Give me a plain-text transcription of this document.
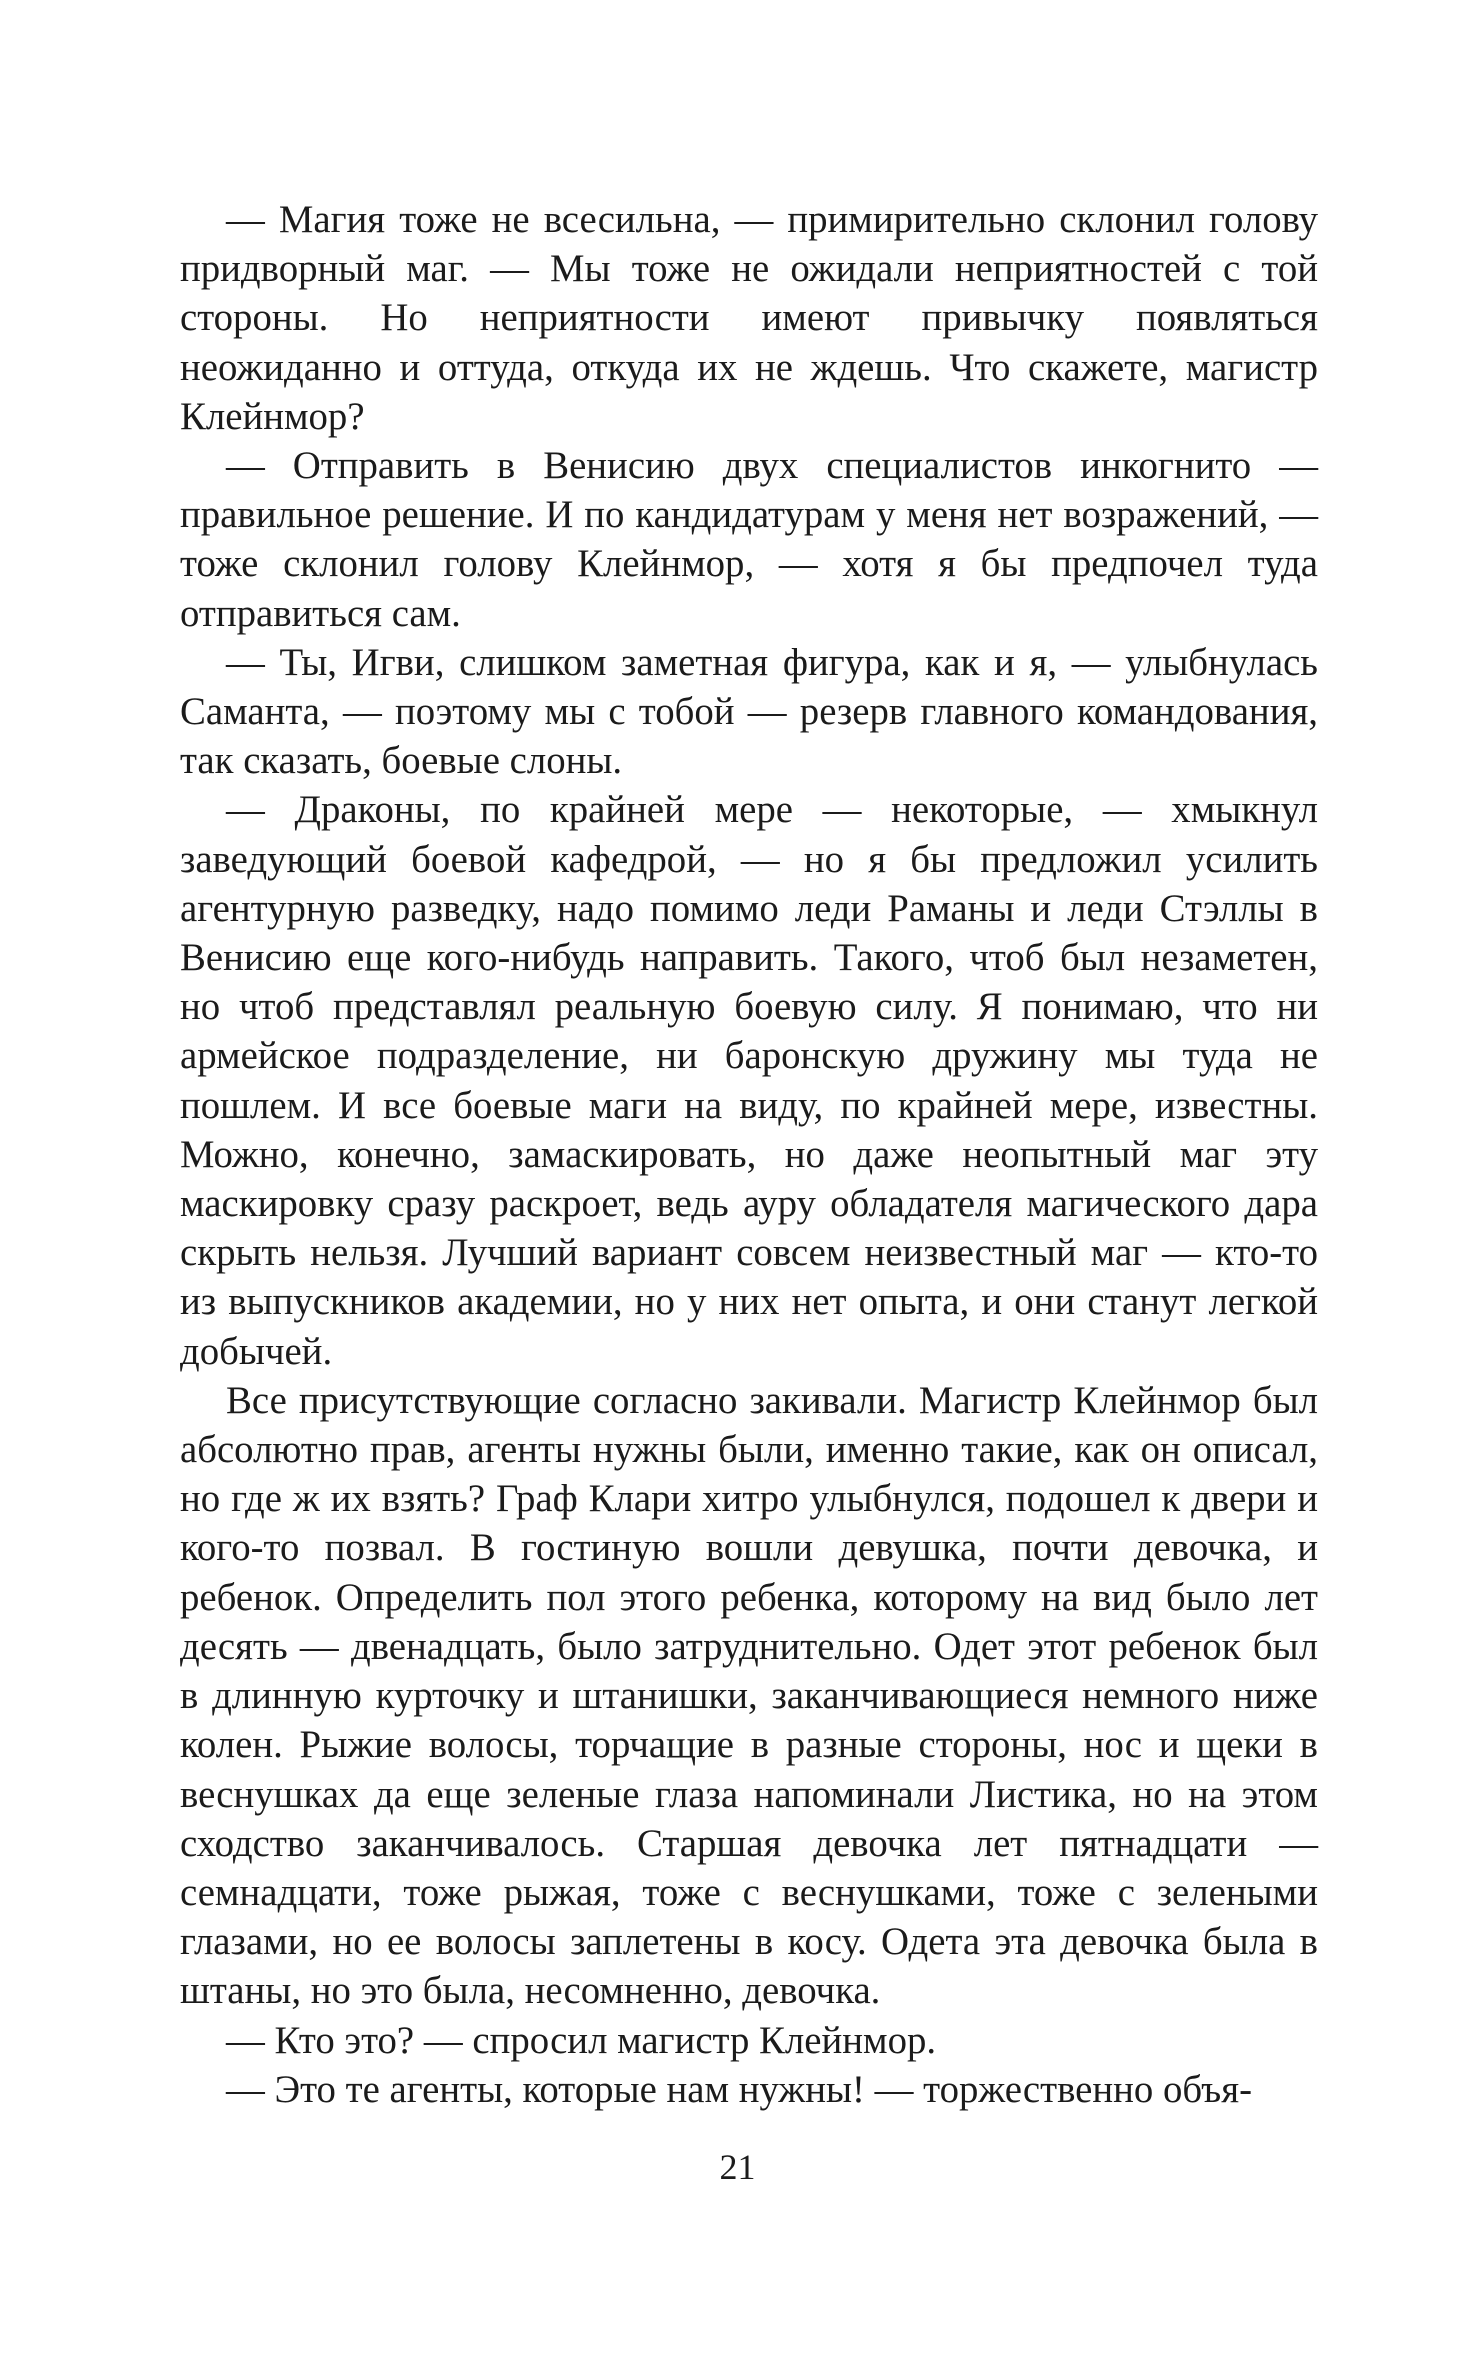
— Магия тоже не всесильна, — примирительно склонил голову придворный маг. — Мы тоже не ожидали неприятностей с той стороны. Но неприятности имеют привычку появляться неожиданно и оттуда, откуда их не ждешь. Что скажете, магистр Клейнмор?

— Отправить в Венисию двух специалистов инкогнито — правильное решение. И по кандидатурам у меня нет возражений, — тоже склонил голову Клейнмор, — хотя я бы предпочел туда отправиться сам.

— Ты, Игви, слишком заметная фигура, как и я, — улыбнулась Саманта, — поэтому мы с тобой — резерв главного командования, так сказать, боевые слоны.

— Драконы, по крайней мере — некоторые, — хмыкнул заведующий боевой кафедрой, — но я бы предложил усилить агентурную разведку, надо помимо леди Раманы и леди Стэллы в Венисию еще кого-нибудь направить. Такого, чтоб был незаметен, но чтоб представлял реальную боевую силу. Я понимаю, что ни армейское подразделение, ни баронскую дружину мы туда не пошлем. И все боевые маги на виду, по крайней мере, известны. Можно, конечно, замаскировать, но даже неопытный маг эту маскировку сразу раскроет, ведь ауру обладателя магического дара скрыть нельзя. Лучший вариант совсем неизвестный маг — кто-то из выпускников академии, но у них нет опыта, и они станут легкой добычей.

Все присутствующие согласно закивали. Магистр Клейнмор был абсолютно прав, агенты нужны были, именно такие, как он описал, но где ж их взять? Граф Клари хитро улыбнулся, подошел к двери и кого-то позвал. В гостиную вошли девушка, почти девочка, и ребенок. Определить пол этого ребенка, которому на вид было лет десять — двенадцать, было затруднительно. Одет этот ребенок был в длинную курточку и штанишки, заканчивающиеся немного ниже колен. Рыжие волосы, торчащие в разные стороны, нос и щеки в веснушках да еще зеленые глаза напоминали Листика, но на этом сходство заканчивалось. Старшая девочка лет пятнадцати — семнадцати, тоже рыжая, тоже с веснушками, тоже с зелеными глазами, но ее волосы заплетены в косу. Одета эта девочка была в штаны, но это была, несомненно, девочка.

— Кто это? — спросил магистр Клейнмор.

— Это те агенты, которые нам нужны! — торжественно объя-

21
